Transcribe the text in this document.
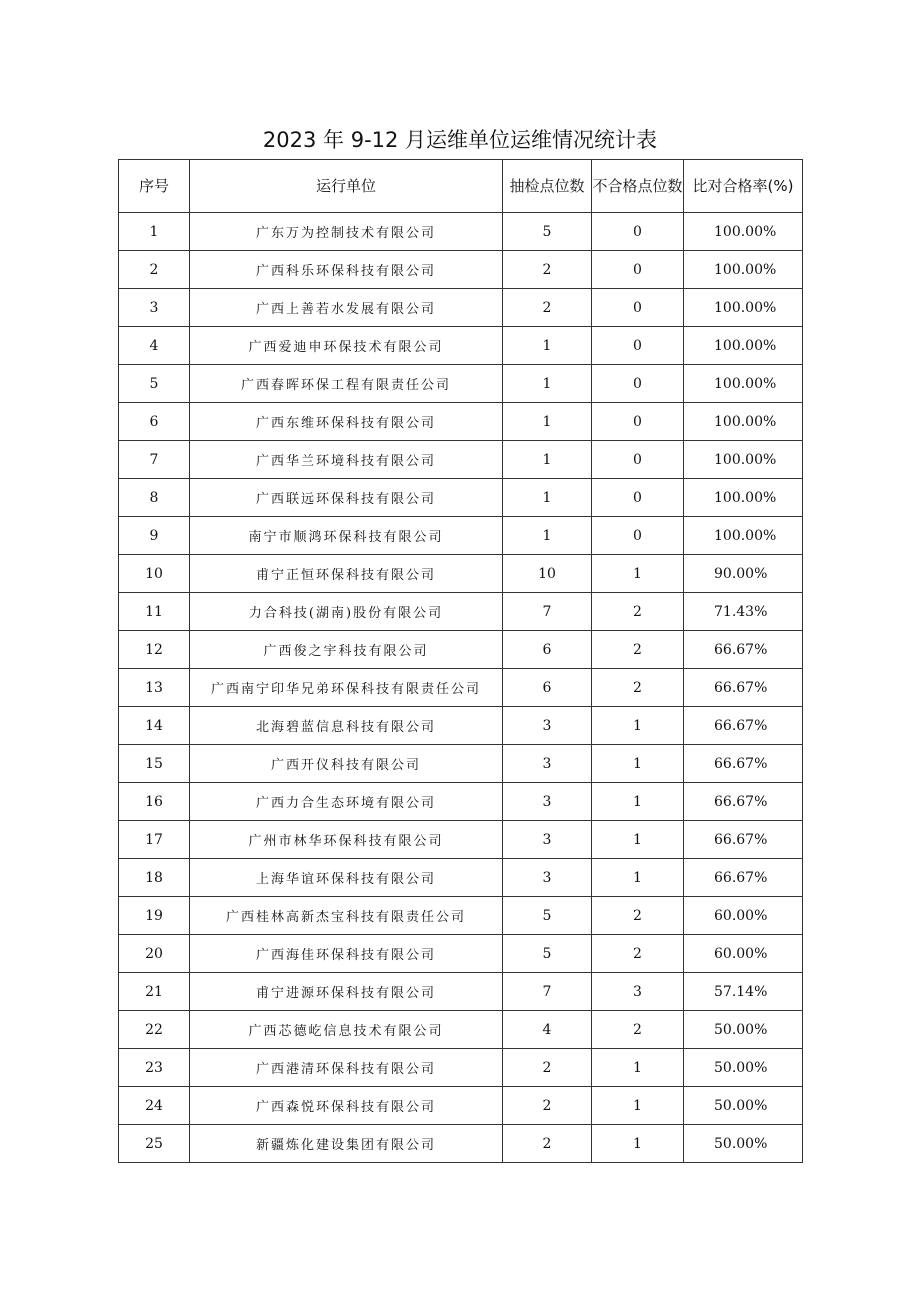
2023 年 9-12 月运维单位运维情况统计表
序号	运行单位	抽检点位数	不合格点位数	比对合格率(%)
1	广东万为控制技术有限公司	5	0	100.00%
2	广西科乐环保科技有限公司	2	0	100.00%
3	广西上善若水发展有限公司	2	0	100.00%
4	广西爱迪申环保技术有限公司	1	0	100.00%
5	广西春晖环保工程有限责任公司	1	0	100.00%
6	广西东维环保科技有限公司	1	0	100.00%
7	广西华兰环境科技有限公司	1	0	100.00%
8	广西联远环保科技有限公司	1	0	100.00%
9	南宁市顺鸿环保科技有限公司	1	0	100.00%
10	甫宁正恒环保科技有限公司	10	1	90.00%
11	力合科技(湖南)股份有限公司	7	2	71.43%
12	广西俊之宇科技有限公司	6	2	66.67%
13	广西南宁印华兄弟环保科技有限责任公司	6	2	66.67%
14	北海碧蓝信息科技有限公司	3	1	66.67%
15	广西开仪科技有限公司	3	1	66.67%
16	广西力合生态环境有限公司	3	1	66.67%
17	广州市林华环保科技有限公司	3	1	66.67%
18	上海华谊环保科技有限公司	3	1	66.67%
19	广西桂林高新杰宝科技有限责任公司	5	2	60.00%
20	广西海佳环保科技有限公司	5	2	60.00%
21	甫宁进源环保科技有限公司	7	3	57.14%
22	广西芯德屹信息技术有限公司	4	2	50.00%
23	广西港清环保科技有限公司	2	1	50.00%
24	广西森悦环保科技有限公司	2	1	50.00%
25	新疆炼化建设集团有限公司	2	1	50.00%
